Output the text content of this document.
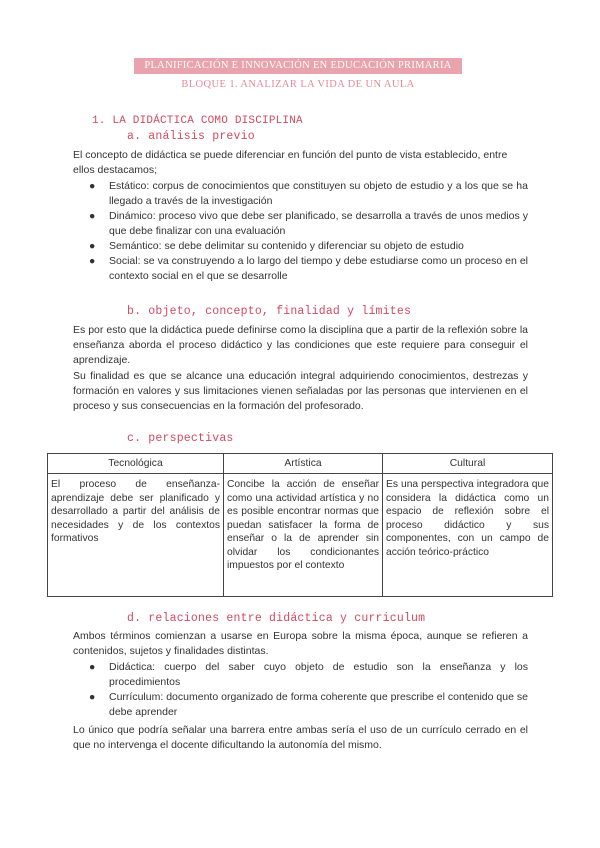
PLANIFICACIÓN E INNOVACIÓN EN EDUCACIÓN PRIMARIA
BLOQUE 1. ANALIZAR LA VIDA DE UN AULA
1. LA DIDÁCTICA COMO DISCIPLINA
a. análisis previo
El concepto de didáctica se puede diferenciar en función del punto de vista establecido, entre ellos destacamos;
● Estático: corpus de conocimientos que constituyen su objeto de estudio y a los que se ha llegado a través de la investigación
● Dinámico: proceso vivo que debe ser planificado, se desarrolla a través de unos medios y que debe finalizar con una evaluación
● Semántico: se debe delimitar su contenido y diferenciar su objeto de estudio
● Social: se va construyendo a lo largo del tiempo y debe estudiarse como un proceso en el contexto social en el que se desarrolle
b. objeto, concepto, finalidad y límites
Es por esto que la didáctica puede definirse como la disciplina que a partir de la reflexión sobre la enseñanza aborda el proceso didáctico y las condiciones que este requiere para conseguir el aprendizaje.
Su finalidad es que se alcance una educación integral adquiriendo conocimientos, destrezas y formación en valores y sus limitaciones vienen señaladas por las personas que intervienen en el proceso y sus consecuencias en la formación del profesorado.
c. perspectivas
Tecnológica	Artística	Cultural
El proceso de enseñanza-aprendizaje debe ser planificado y desarrollado a partir del análisis de necesidades y de los contextos formativos	Concibe la acción de enseñar como una actividad artística y no es posible encontrar normas que puedan satisfacer la forma de enseñar o la de aprender sin olvidar los condicionantes impuestos por el contexto	Es una perspectiva integradora que considera la didáctica como un espacio de reflexión sobre el proceso didáctico y sus componentes, con un campo de acción teórico-práctico
d. relaciones entre didáctica y curriculum
Ambos términos comienzan a usarse en Europa sobre la misma época, aunque se refieren a contenidos, sujetos y finalidades distintas.
● Didáctica: cuerpo del saber cuyo objeto de estudio son la enseñanza y los procedimientos
● Currículum: documento organizado de forma coherente que prescribe el contenido que se debe aprender
Lo único que podría señalar una barrera entre ambas sería el uso de un currículo cerrado en el que no intervenga el docente dificultando la autonomía del mismo.
